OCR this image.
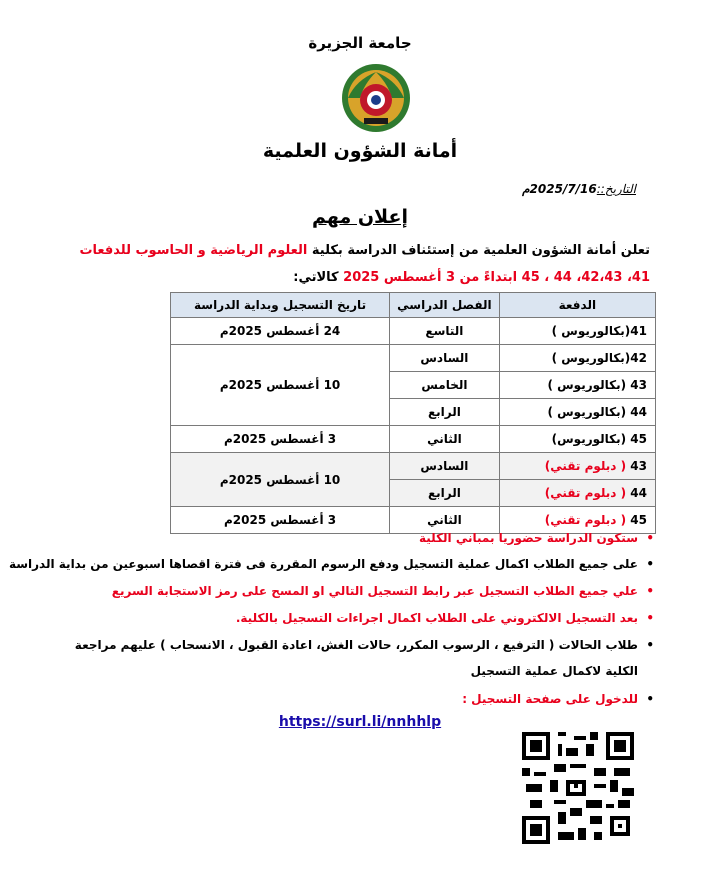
جامعة الجزيرة
أمانة الشؤون العلمية
التاريخ::2025/7/16م
إعلان مهم
تعلن أمانة الشؤون العلمية من إستئناف الدراسة بكلية العلوم الرياضية و الحاسوب للدفعات
41، 42،43، 44 ، 45 ابتداءً من 3 أغسطس 2025 كالاتي:
الدفعة	الفصل الدراسي	تاريخ التسجيل وبداية الدراسة
41(بكالوريوس )	التاسع	24 أغسطس 2025م
42(بكالوريوس )	السادس	10 أغسطس 2025م
43 (بكالوريوس )	الخامس	
44 (بكالوريوس )	الرابع	
45 (بكالوريوس)	الثاني	3 أغسطس 2025م
43 ( دبلوم تقني)	السادس	10 أغسطس 2025م
44 ( دبلوم تقني)	الرابع	
45 ( دبلوم تقني)	الثاني	3 أغسطس 2025م
•
ستكون الدراسة حضوريا بمباني الكلية
•
على جميع الطلاب اكمال عملية التسجيل ودفع الرسوم المقررة فى فترة اقصاها اسبوعين من بداية الدراسة
•
علي جميع الطلاب التسجيل عبر رابط التسجيل التالي او المسح على رمز الاستجابة السريع
•
بعد التسجيل الالكتروني على الطلاب اكمال اجراءات التسجيل بالكلية.
•
طلاب الحالات ( الترفيع ، الرسوب المكرر، حالات الغش، اعادة القبول ، الانسحاب ) عليهم مراجعة
الكلية لاكمال عملية التسجيل
•
للدخول على صفحة التسجيل :
https://surl.li/nnhhlp
